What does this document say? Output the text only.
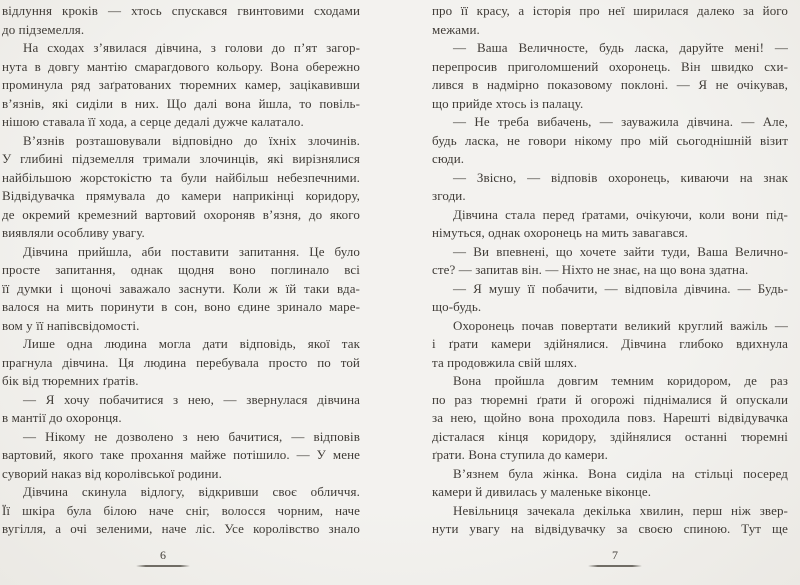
відлуння кроків — хтось спускався гвинтовими сходами
до підземелля.
На сходах з’явилася дівчина, з голови до п’ят загор-
нута в довгу мантію смарагдового кольору. Вона обережно
проминула ряд заґратованих тюремних камер, зацікавивши
в’язнів, які сиділи в них. Що далі вона йшла, то повіль-
нішою ставала її хода, а серце дедалі дужче калатало.
В’язнів розташовували відповідно до їхніх злочинів.
У глибині підземелля тримали злочинців, які вирізнялися
найбільшою жорстокістю та були найбільш небезпечними.
Відвідувачка прямувала до камери наприкінці коридору,
де окремий кремезний вартовий охороняв в’язня, до якого
виявляли особливу увагу.
Дівчина прийшла, аби поставити запитання. Це було
просте запитання, однак щодня воно поглинало всі
її думки і щоночі заважало заснути. Коли ж їй таки вда-
валося на мить поринути в сон, воно єдине зринало маре-
вом у її напівсвідомості.
Лише одна людина могла дати відповідь, якої так
прагнула дівчина. Ця людина перебувала просто по той
бік від тюремних ґратів.
— Я хочу побачитися з нею, — звернулася дівчина
в мантії до охоронця.
— Нікому не дозволено з нею бачитися, — відповів
вартовий, якого таке прохання майже потішило. — У мене
суворий наказ від королівської родини.
Дівчина скинула відлогу, відкривши своє обличчя.
Її шкіра була білою наче сніг, волосся чорним, наче
вугілля, а очі зеленими, наче ліс. Усе королівство знало
про її красу, а історія про неї ширилася далеко за його
межами.
— Ваша Величносте, будь ласка, даруйте мені! —
перепросив приголомшений охоронець. Він швидко схи-
лився в надмірно показовому поклоні. — Я не очікував,
що прийде хтось із палацу.
— Не треба вибачень, — зауважила дівчина. — Але,
будь ласка, не говори нікому про мій сьогоднішній візит
сюди.
— Звісно, — відповів охоронець, киваючи на знак
згоди.
Дівчина стала перед ґратами, очікуючи, коли вони під-
німуться, однак охоронець на мить завагався.
— Ви впевнені, що хочете зайти туди, Ваша Велично-
сте? — запитав він. — Ніхто не знає, на що вона здатна.
— Я мушу її побачити, — відповіла дівчина. — Будь-
що-будь.
Охоронець почав повертати великий круглий важіль —
і ґрати камери здійнялися. Дівчина глибоко вдихнула
та продовжила свій шлях.
Вона пройшла довгим темним коридором, де раз
по раз тюремні ґрати й огорожі піднімалися й опускали
за нею, щойно вона проходила повз. Нарешті відвідувачка
дісталася кінця коридору, здійнялися останні тюремні
ґрати. Вона ступила до камери.
В’язнем була жінка. Вона сиділа на стільці посеред
камери й дивилась у маленьке віконце.
Невільниця зачекала декілька хвилин, перш ніж звер-
нути увагу на відвідувачку за своєю спиною. Тут ще
6	7
